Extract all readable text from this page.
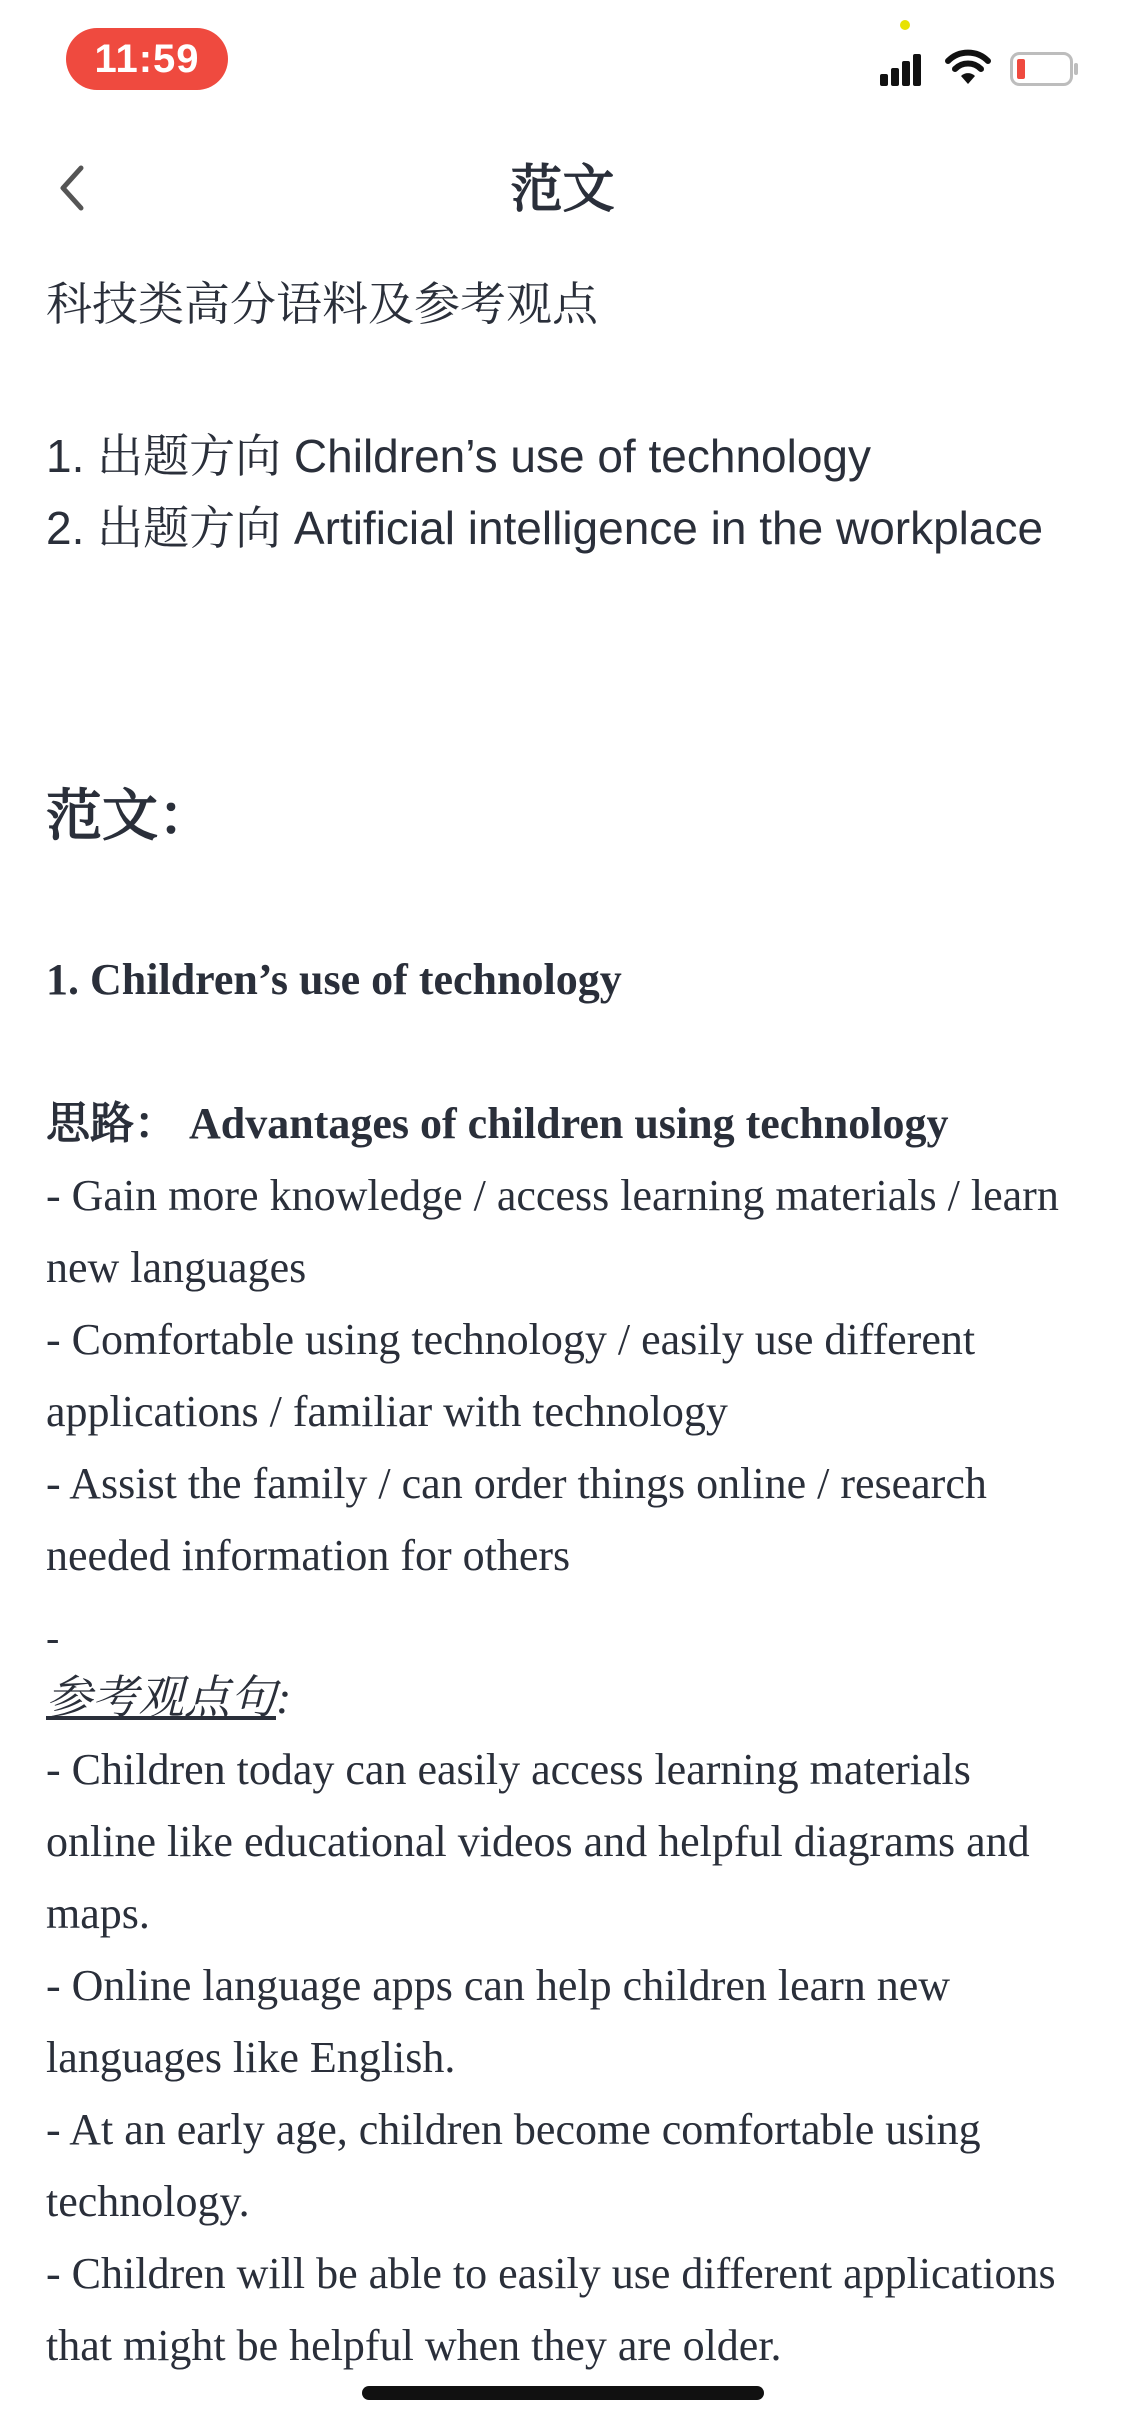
11:59
范文
科技类高分语料及参考观点

1. 出题方向 Children’s use of technology

2. 出题方向 Artificial intelligence in the workplace

范文：
1. Children’s use of technology

思路： Advantages of children using technology

- Gain more knowledge / access learning materials / learn new languages

- Comfortable using technology / easily use different applications / familiar with technology

- Assist the family / can order things online / research needed information for others

-
参考观点句:

- Children today can easily access learning materials online like educational videos and helpful diagrams and maps.

- Online language apps can help children learn new languages like English.

- At an early age, children become comfortable using technology.

- Children will be able to easily use different applications that might be helpful when they are older.
